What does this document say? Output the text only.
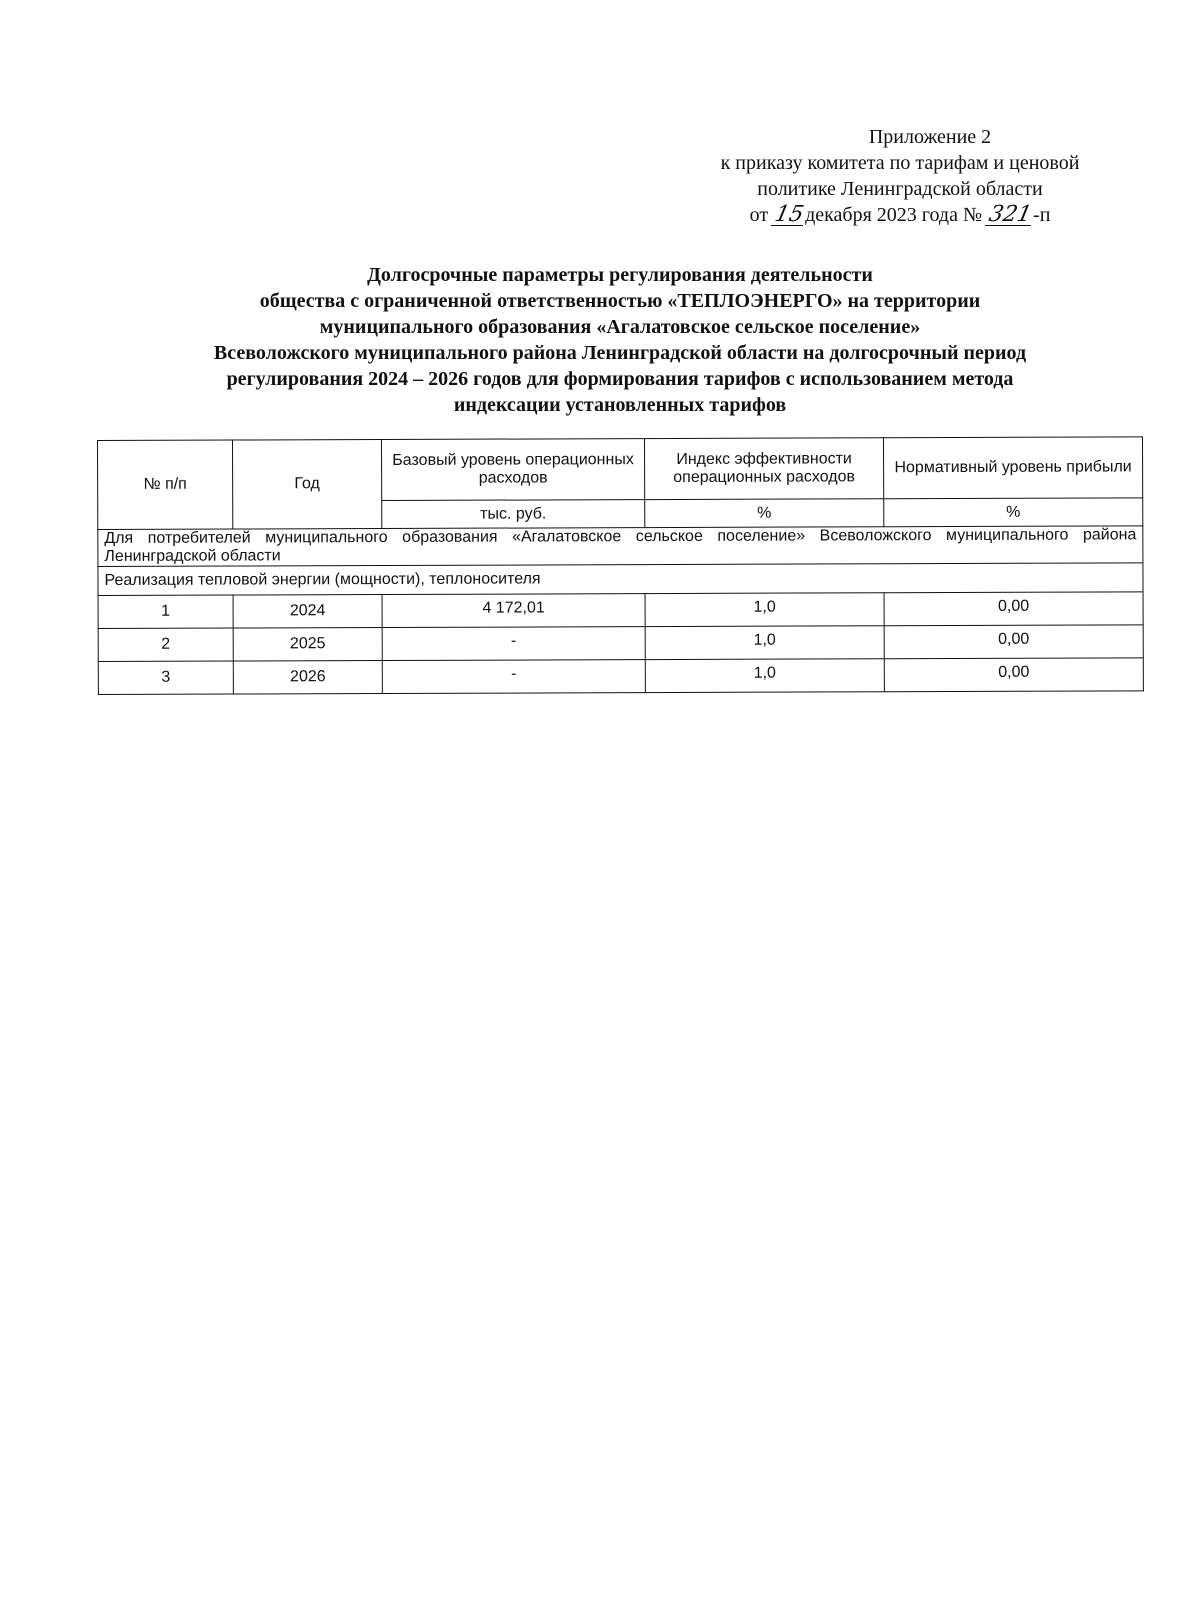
Приложение 2
к приказу комитета по тарифам и ценовой
политике Ленинградской области
от 15декабря 2023 года № 321-п
Долгосрочные параметры регулирования деятельности
общества с ограниченной ответственностью «ТЕПЛОЭНЕРГО» на территории
муниципального образования «Агалатовское сельское поселение»
Всеволожского муниципального района Ленинградской области на долгосрочный период
регулирования 2024 – 2026 годов для формирования тарифов с использованием метода
индексации установленных тарифов
№ п/п	Год	Базовый уровень операционных расходов	Индекс эффективности операционных расходов	Нормативный уровень прибыли
		тыс. руб.	%	%
Для потребителей муниципального образования «Агалатовское сельское поселение» Всеволожского муниципального района Ленинградской области				
Реализация тепловой энергии (мощности), теплоносителя				
1	2024	4 172,01	1,0	0,00
2	2025	-	1,0	0,00
3	2026	-	1,0	0,00
